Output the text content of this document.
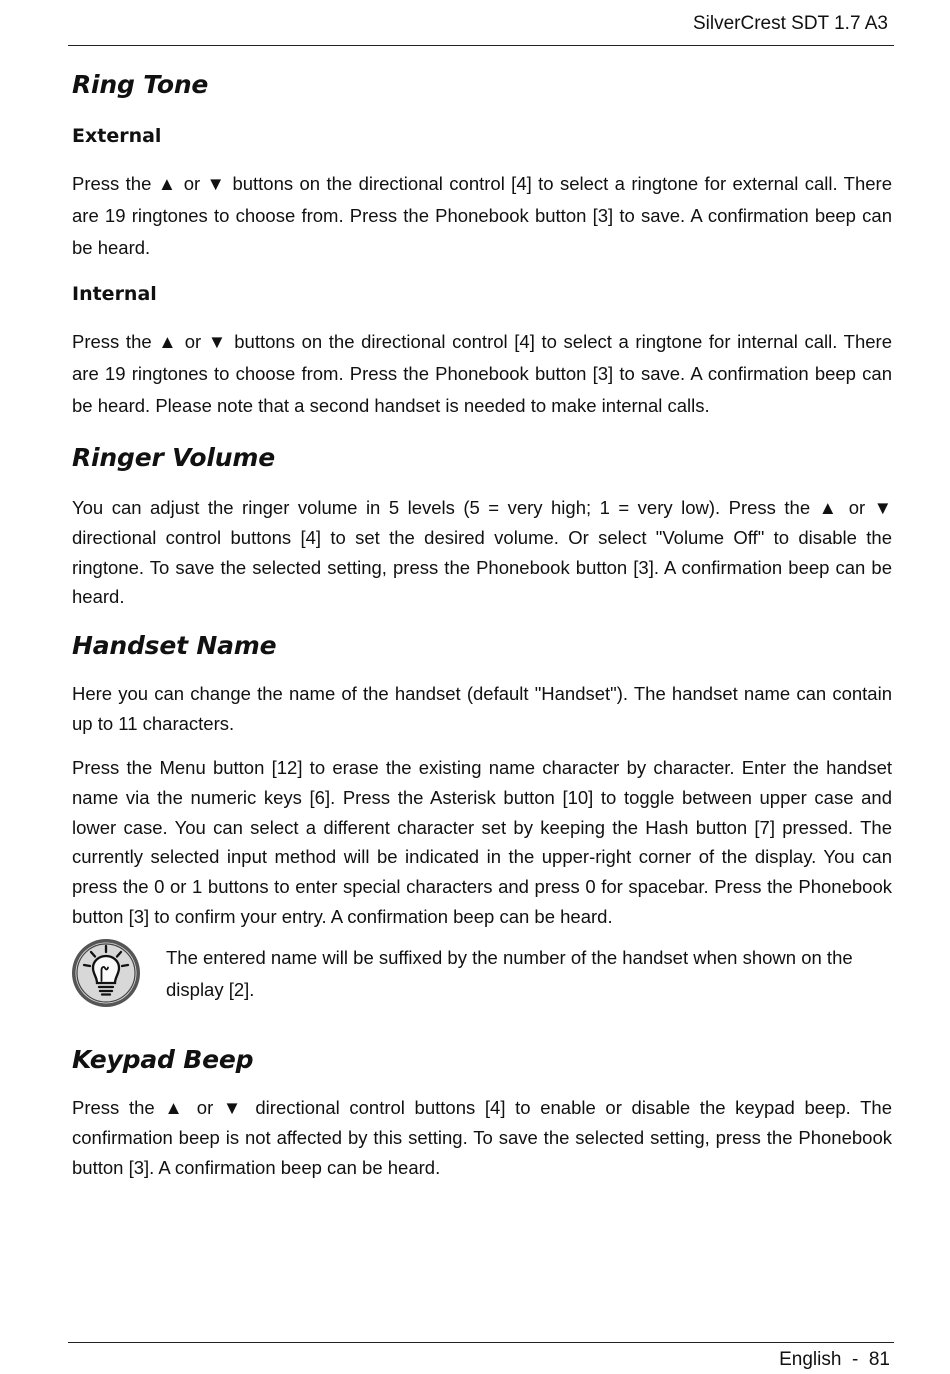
SilverCrest SDT 1.7 A3
Ring Tone
External

Press the ▲ or ▼ buttons on the directional control [4] to select a ringtone for external call. There are 19 ringtones to choose from. Press the Phonebook button [3] to save. A confirmation beep can be heard.

Internal

Press the ▲ or ▼ buttons on the directional control [4] to select a ringtone for internal call. There are 19 ringtones to choose from. Press the Phonebook button [3] to save. A confirmation beep can be heard. Please note that a second handset is needed to make internal calls.

Ringer Volume

You can adjust the ringer volume in 5 levels (5 = very high; 1 = very low). Press the ▲ or ▼ directional control buttons [4] to set the desired volume. Or select "Volume Off" to disable the ringtone. To save the selected setting, press the Phonebook button [3]. A confirmation beep can be heard.

Handset Name

Here you can change the name of the handset (default "Handset"). The handset name can contain up to 11 characters.

Press the Menu button [12] to erase the existing name character by character. Enter the handset name via the numeric keys [6]. Press the Asterisk button [10] to toggle between upper case and lower case. You can select a different character set by keeping the Hash button [7] pressed. The currently selected input method will be indicated in the upper-right corner of the display. You can press the 0 or 1 buttons to enter special characters and press 0 for spacebar. Press the Phonebook button [3] to confirm your entry. A confirmation beep can be heard.

The entered name will be suffixed by the number of the handset when shown on the display [2].

Keypad Beep

Press the ▲ or ▼ directional control buttons [4] to enable or disable the keypad beep. The confirmation beep is not affected by this setting. To save the selected setting, press the Phonebook button [3]. A confirmation beep can be heard.

English  -  81
